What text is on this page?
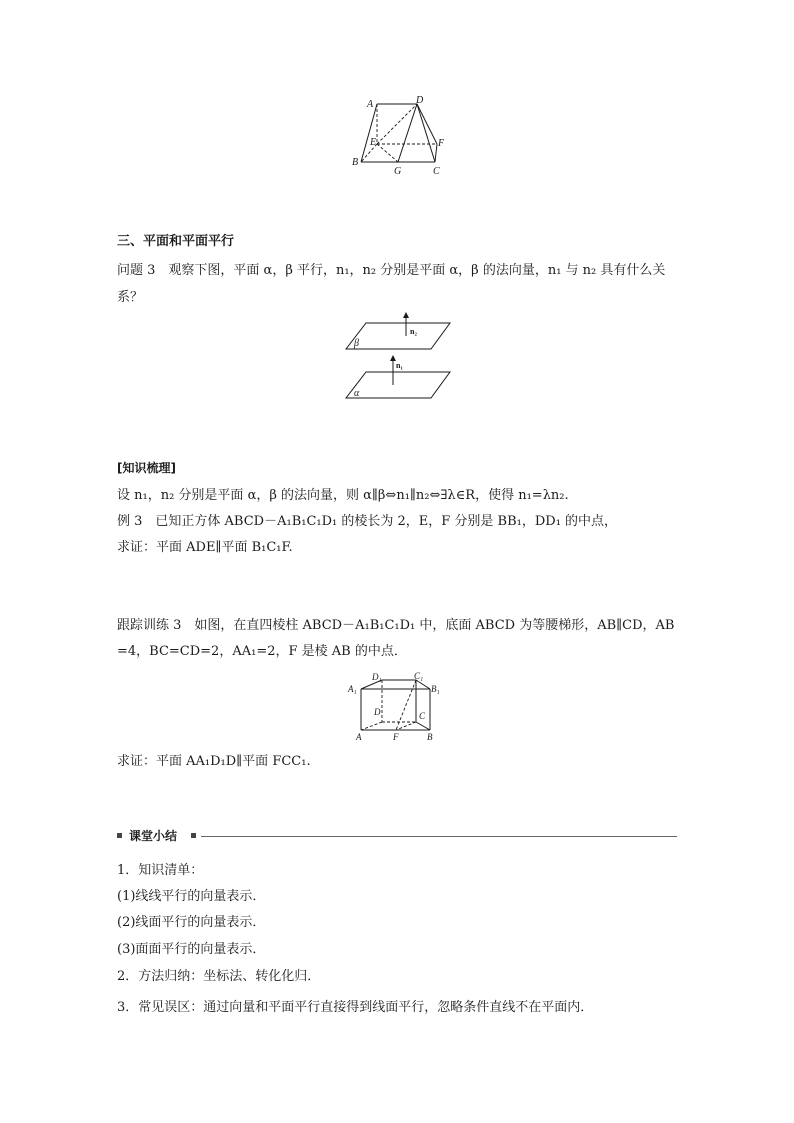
A	D
E	F
B
G	C
三、平面和平面平行
问题 3　观察下图，平面 α，β 平行，n₁，n₂ 分别是平面 α，β 的法向量，n₁ 与 n₂ 具有什么关
系？
n₂
β
n₁
α
[知识梳理]
设 n₁，n₂ 分别是平面 α，β 的法向量，则 α∥β⇔n₁∥n₂⇔∃λ∈R，使得 n₁=λn₂.
例 3　已知正方体 ABCD－A₁B₁C₁D₁ 的棱长为 2，E，F 分别是 BB₁，DD₁ 的中点，
求证：平面 ADE∥平面 B₁C₁F.
跟踪训练 3　如图，在直四棱柱 ABCD－A₁B₁C₁D₁ 中，底面 ABCD 为等腰梯形，AB∥CD，AB
=4，BC=CD=2，AA₁=2，F 是棱 AB 的中点．
D₁	C₁
A₁	B₁
D	C
A	F	B
求证：平面 AA₁D₁D∥平面 FCC₁.
课堂小结
1．知识清单：
(1)线线平行的向量表示．
(2)线面平行的向量表示．
(3)面面平行的向量表示．
2．方法归纳：坐标法、转化化归．
3．常见误区：通过向量和平面平行直接得到线面平行，忽略条件直线不在平面内．
